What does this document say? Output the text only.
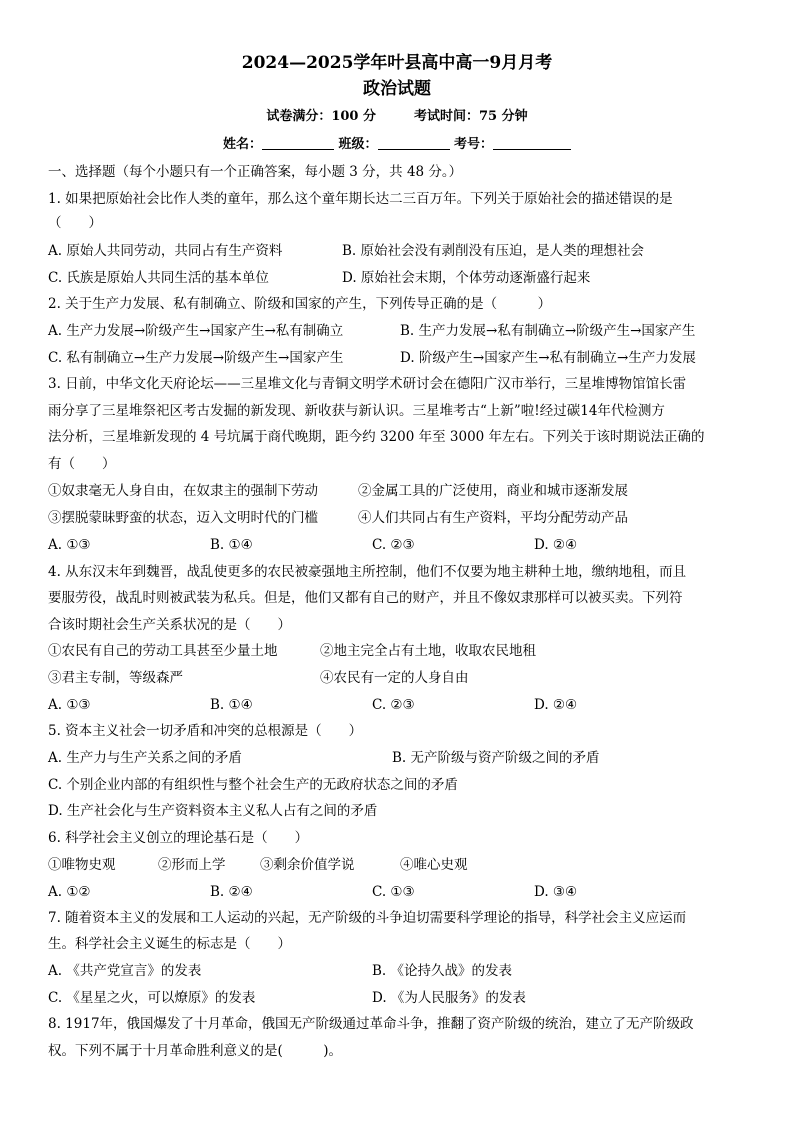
2024—2025学年叶县高中高一9月月考
政治试题
试卷满分：100 分	考试时间：75 分钟
姓名：	班级：	考号：
一、选择题（每个小题只有一个正确答案，每小题 3 分，共 48 分。）
1. 如果把原始社会比作人类的童年，那么这个童年期长达二三百万年。下列关于原始社会的描述错误的是
（　　）
A. 原始人共同劳动，共同占有生产资料	B. 原始社会没有剥削没有压迫，是人类的理想社会
C. 氏族是原始人共同生活的基本单位	D. 原始社会末期，个体劳动逐渐盛行起来
2. 关于生产力发展、私有制确立、阶级和国家的产生，下列传导正确的是（　　　）
A. 生产力发展→阶级产生→国家产生→私有制确立	B. 生产力发展→私有制确立→阶级产生→国家产生
C. 私有制确立→生产力发展→阶级产生→国家产生	D. 阶级产生→国家产生→私有制确立→生产力发展
3. 日前，中华文化天府论坛——三星堆文化与青铜文明学术研讨会在德阳广汉市举行，三星堆博物馆馆长雷
雨分享了三星堆祭祀区考古发掘的新发现、新收获与新认识。三星堆考古“上新”啦!经过碳14年代检测方
法分析，三星堆新发现的 4 号坑属于商代晚期，距今约 3200 年至 3000 年左右。下列关于该时期说法正确的
有（　　）
①奴隶毫无人身自由，在奴隶主的强制下劳动	②金属工具的广泛使用，商业和城市逐渐发展
③摆脱蒙昧野蛮的状态，迈入文明时代的门槛	④人们共同占有生产资料，平均分配劳动产品
A. ①③	B. ①④	C. ②③	D. ②④
4. 从东汉末年到魏晋，战乱使更多的农民被豪强地主所控制，他们不仅要为地主耕种土地，缴纳地租，而且
要服劳役，战乱时则被武装为私兵。但是，他们又都有自己的财产，并且不像奴隶那样可以被买卖。下列符
合该时期社会生产关系状况的是（　　）
①农民有自己的劳动工具甚至少量土地	②地主完全占有土地，收取农民地租
③君主专制，等级森严	④农民有一定的人身自由
A. ①③	B. ①④	C. ②③	D. ②④
5. 资本主义社会一切矛盾和冲突的总根源是（　　）
A. 生产力与生产关系之间的矛盾	B. 无产阶级与资产阶级之间的矛盾
C. 个别企业内部的有组织性与整个社会生产的无政府状态之间的矛盾
D. 生产社会化与生产资料资本主义私人占有之间的矛盾
6. 科学社会主义创立的理论基石是（　　）
①唯物史观	②形而上学	③剩余价值学说	④唯心史观
A. ①②	B. ②④	C. ①③	D. ③④
7. 随着资本主义的发展和工人运动的兴起，无产阶级的斗争迫切需要科学理论的指导，科学社会主义应运而
生。科学社会主义诞生的标志是（　　）
A. 《共产党宣言》的发表	B. 《论持久战》的发表
C. 《星星之火，可以燎原》的发表	D. 《为人民服务》的发表
8. 1917年，俄国爆发了十月革命，俄国无产阶级通过革命斗争，推翻了资产阶级的统治，建立了无产阶级政
权。下列不属于十月革命胜利意义的是(　　　)。
